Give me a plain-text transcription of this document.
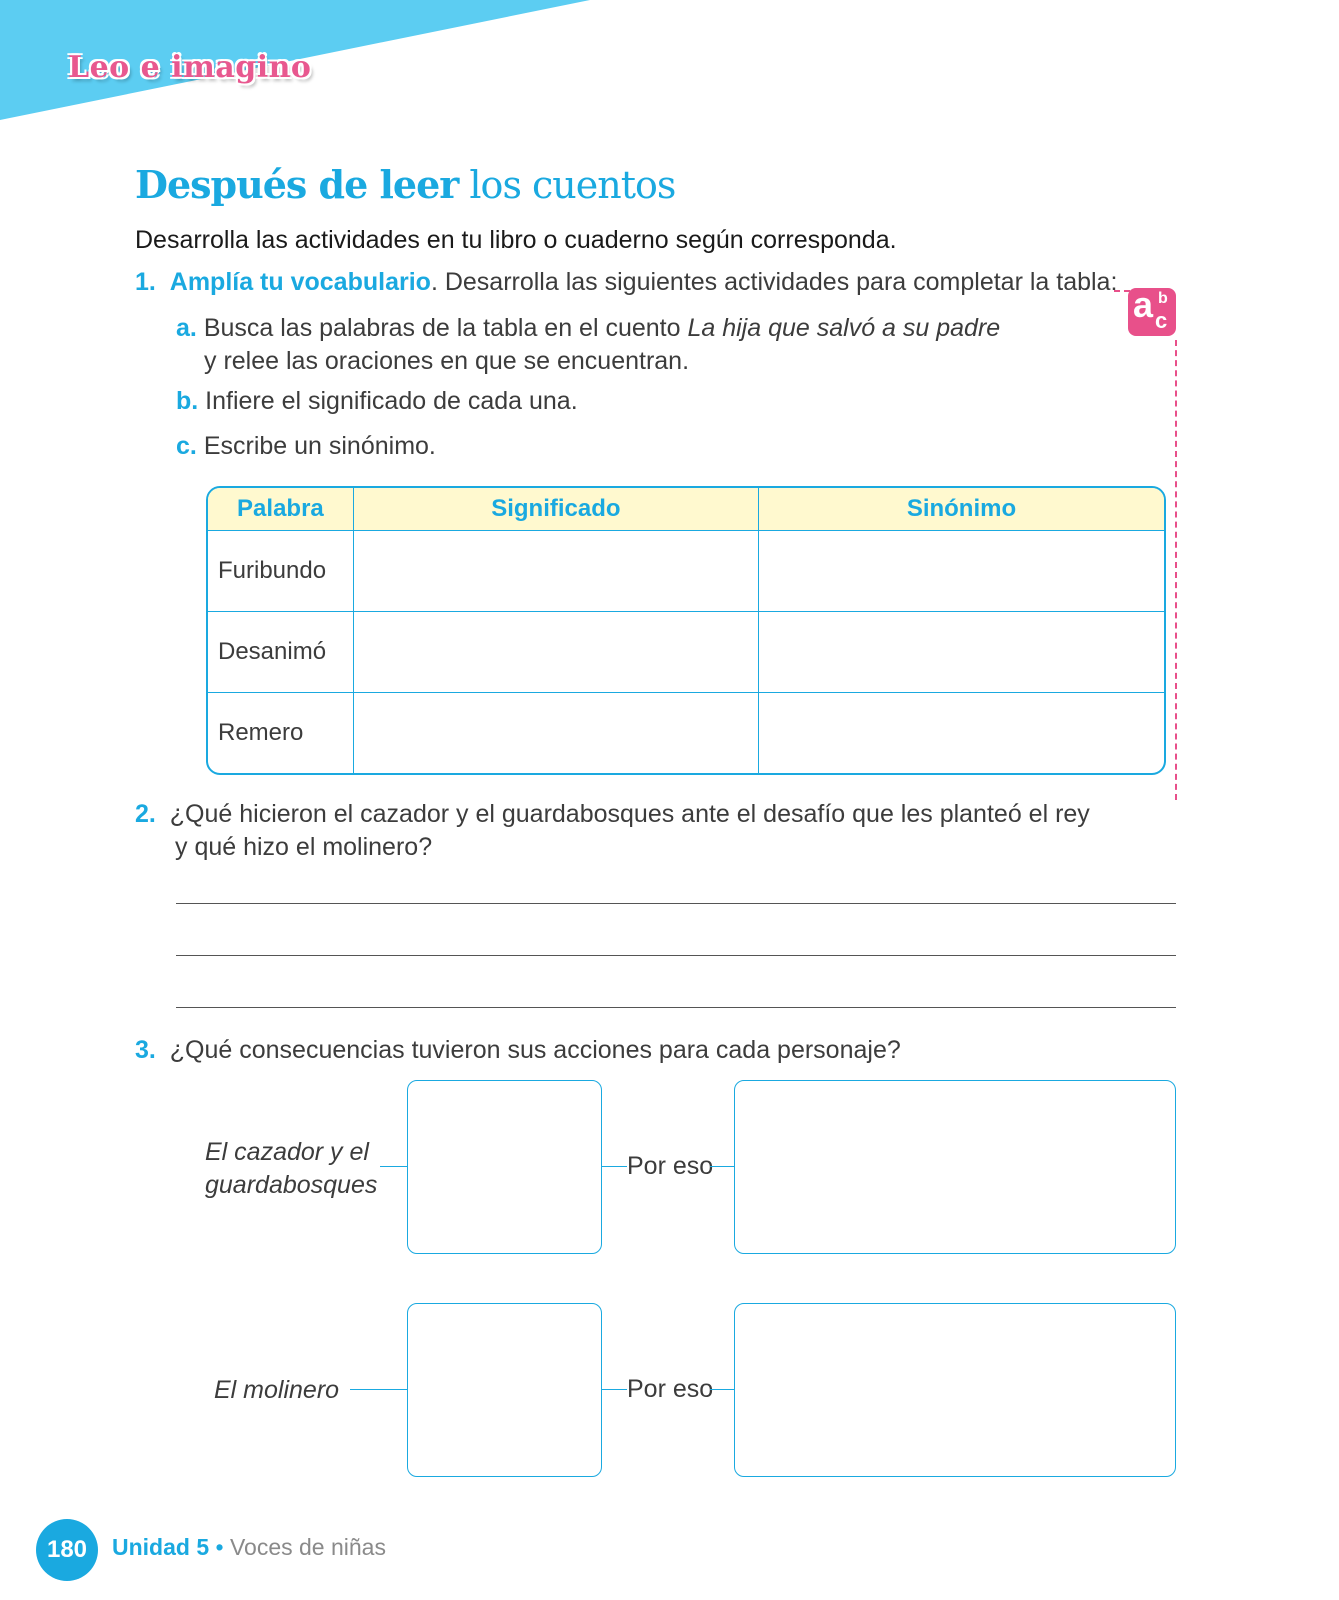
Leo e imagino
Después de leer los cuentos
Desarrolla las actividades en tu libro o cuaderno según corresponda.
1. Amplía tu vocabulario. Desarrolla las siguientes actividades para completar la tabla:
a. Busca las palabras de la tabla en el cuento La hija que salvó a su padre
y relee las oraciones en que se encuentran.
b. Infiere el significado de cada una.
c. Escribe un sinónimo.
a b
c
Palabra	Significado	Sinónimo
Furibundo		
Desanimó		
Remero		
2. ¿Qué hicieron el cazador y el guardabosques ante el desafío que les planteó el rey
y qué hizo el molinero?
3. ¿Qué consecuencias tuvieron sus acciones para cada personaje?
El cazador y el
guardabosques
Por eso
El molinero	Por eso
180	Unidad 5 • Voces de niñas
